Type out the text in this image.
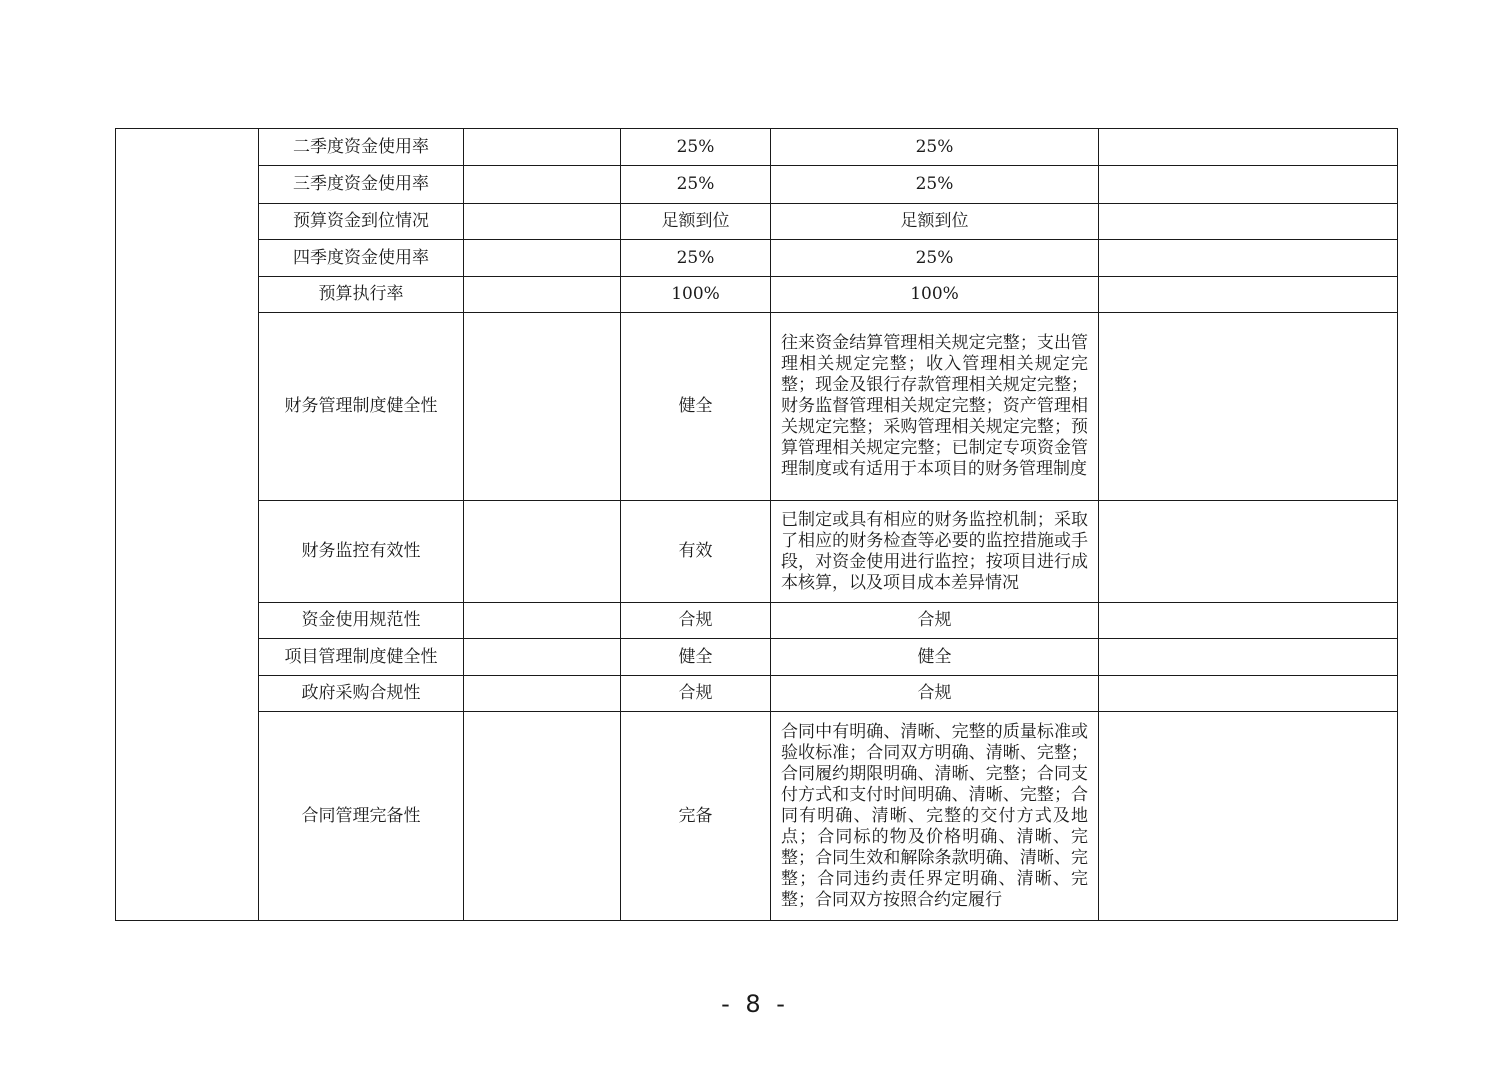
	二季度资金使用率		25%	25%	
	三季度资金使用率		25%	25%	
	预算资金到位情况		足额到位	足额到位	
	四季度资金使用率		25%	25%	
	预算执行率		100%	100%	
	财务管理制度健全性		健全	往来资金结算管理相关规定完整；支出管理相关规定完整；收入管理相关规定完整；现金及银行存款管理相关规定完整；财务监督管理相关规定完整；资产管理相关规定完整；采购管理相关规定完整；预算管理相关规定完整；已制定专项资金管理制度或有适用于本项目的财务管理制度	

	财务监控有效性		有效	已制定或具有相应的财务监控机制；采取了相应的财务检查等必要的监控措施或手段，对资金使用进行监控；按项目进行成本核算，以及项目成本差异情况	

	资金使用规范性		合规	合规	
	项目管理制度健全性		健全	健全	
	政府采购合规性		合规	合规	
	合同管理完备性		完备	合同中有明确、清晰、完整的质量标准或验收标准；合同双方明确、清晰、完整；合同履约期限明确、清晰、完整；合同支付方式和支付时间明确、清晰、完整；合同有明确、清晰、完整的交付方式及地点；合同标的物及价格明确、清晰、完整；合同生效和解除条款明确、清晰、完整；合同违约责任界定明确、清晰、完整；合同双方按照合约定履行	

- 8 -
